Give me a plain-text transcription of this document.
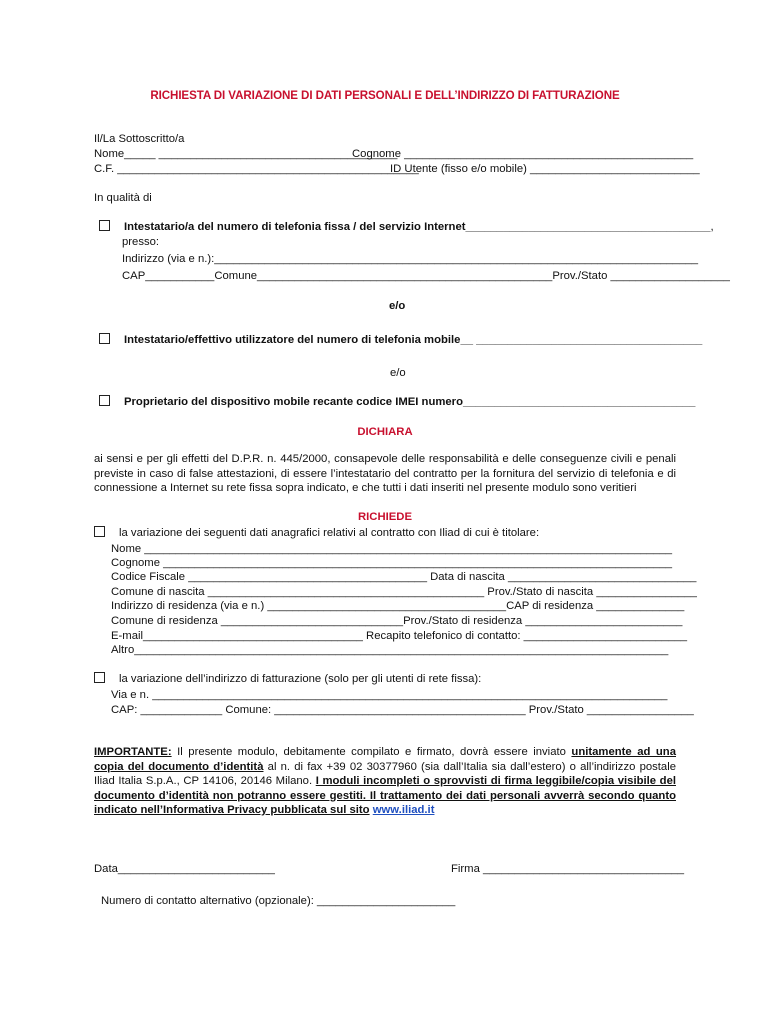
RICHIESTA DI VARIAZIONE DI DATI PERSONALI E DELL’INDIRIZZO DI FATTURAZIONE
Il/La Sottoscritto/a
Nome_____ ______________________________________
Cognome ______________________________________________
C.F. ________________________________________________
ID Utente (fisso e/o mobile) ___________________________
In qualità di
Intestatario/a del numero di telefonia fissa / del servizio Internet_______________________________________,
presso:
Indirizzo (via e n.):_____________________________________________________________________________
CAP___________Comune_______________________________________________Prov./Stato ___________________
e/o
Intestatario/effettivo utilizzatore del numero di telefonia mobile__ ____________________________________
e/o
Proprietario del dispositivo mobile recante codice IMEI numero_____________________________________
DICHIARA
ai sensi e per gli effetti del D.P.R. n. 445/2000, consapevole delle responsabilità e delle conseguenze civili e penali previste in caso di false attestazioni, di essere l’intestatario del contratto per la fornitura del servizio di telefonia e di connessione a Internet su rete fissa sopra indicato, e che tutti i dati inseriti nel presente modulo sono veritieri
RICHIEDE
la variazione dei seguenti dati anagrafici relativi al contratto con Iliad di cui è titolare:
Nome ____________________________________________________________________________________
Cognome _________________________________________________________________________________
Codice Fiscale ______________________________________ Data di nascita ______________________________
Comune di nascita ____________________________________________ Prov./Stato di nascita ________________
Indirizzo di residenza (via e n.) ______________________________________CAP di residenza ______________
Comune di residenza _____________________________Prov./Stato di residenza _________________________
E-mail___________________________________ Recapito telefonico di contatto: __________________________
Altro_____________________________________________________________________________________
la variazione dell’indirizzo di fatturazione (solo per gli utenti di rete fissa):
Via e n. __________________________________________________________________________________
CAP: _____________ Comune: ________________________________________ Prov./Stato _________________
IMPORTANTE: Il presente modulo, debitamente compilato e firmato, dovrà essere inviato unitamente ad una copia del documento d’identità al n. di fax +39 02 30377960 (sia dall’Italia sia dall’estero) o all’indirizzo postale Iliad Italia S.p.A., CP 14106, 20146 Milano. I moduli incompleti o sprovvisti di firma leggibile/copia visibile del documento d’identità non potranno essere gestiti. Il trattamento dei dati personali avverrà secondo quanto indicato nell’Informativa Privacy pubblicata sul sito www.iliad.it
Data_________________________	Firma ________________________________
Numero di contatto alternativo (opzionale): ______________________
